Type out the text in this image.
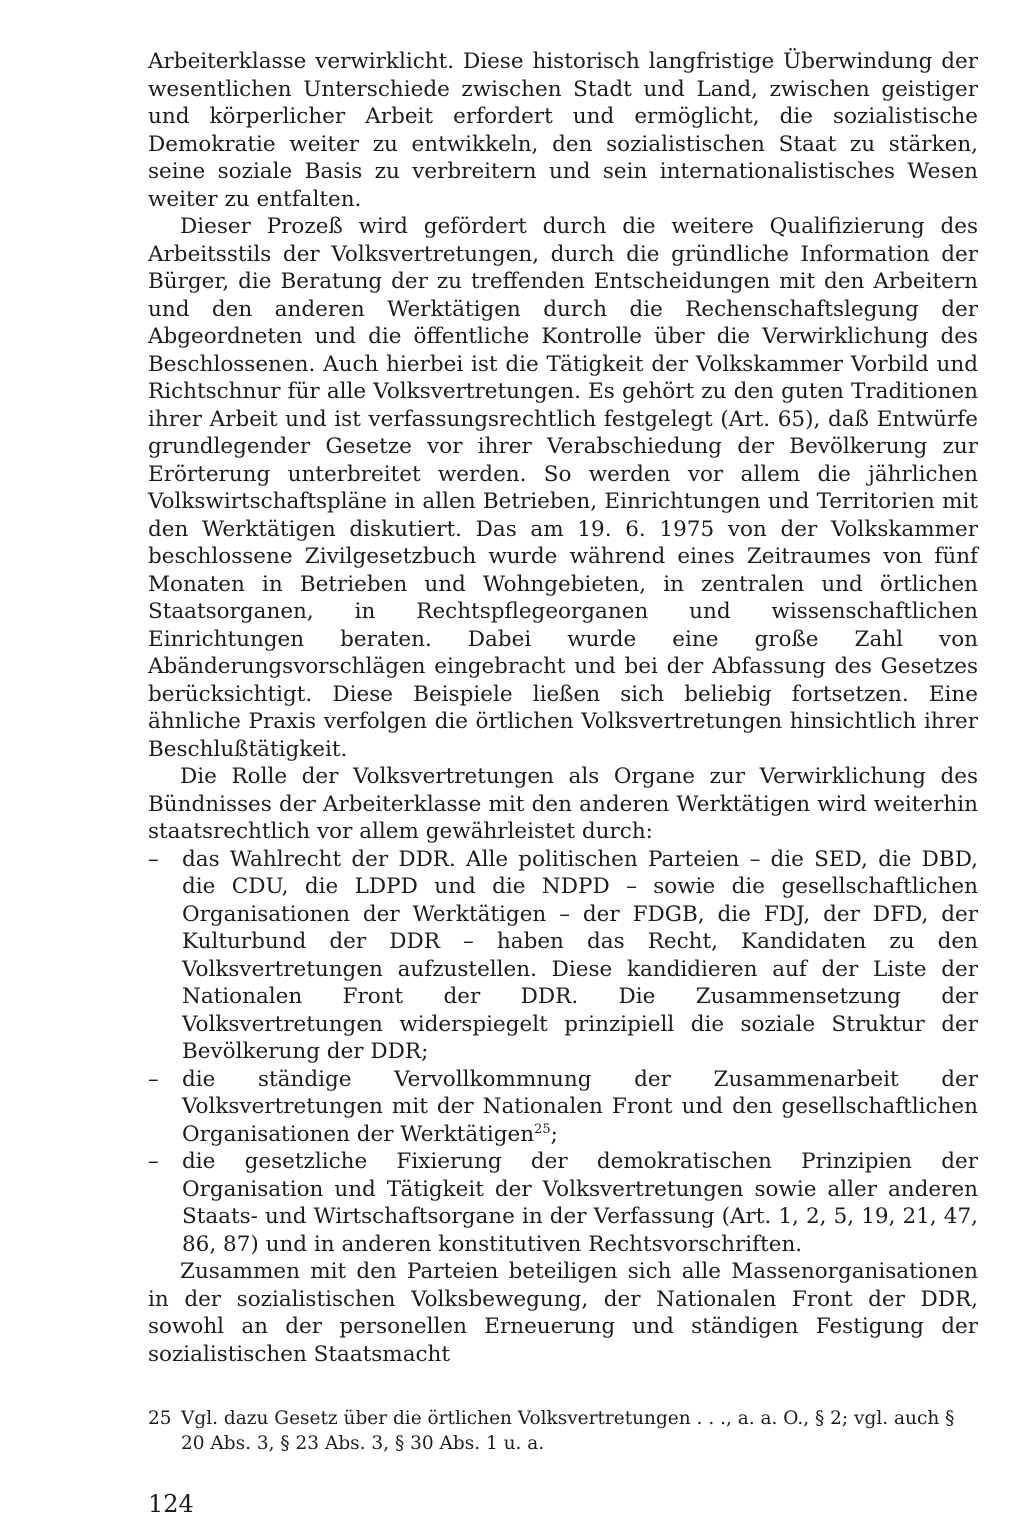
Arbeiterklasse verwirklicht. Diese historisch langfristige Überwindung der wesentlichen Unterschiede zwischen Stadt und Land, zwischen geistiger und körperlicher Arbeit erfordert und ermöglicht, die sozialistische Demokratie weiter zu entwikkeln, den sozialistischen Staat zu stärken, seine soziale Basis zu verbreitern und sein internationalistisches Wesen weiter zu entfalten.

Dieser Prozeß wird gefördert durch die weitere Qualifizierung des Arbeitsstils der Volksvertretungen, durch die gründliche Information der Bürger, die Beratung der zu treffenden Entscheidungen mit den Arbeitern und den anderen Werktätigen durch die Rechenschaftslegung der Abgeordneten und die öffentliche Kontrolle über die Verwirklichung des Beschlossenen. Auch hierbei ist die Tätigkeit der Volkskammer Vorbild und Richtschnur für alle Volksvertretungen. Es gehört zu den guten Traditionen ihrer Arbeit und ist verfassungsrechtlich festgelegt (Art. 65), daß Entwürfe grundlegender Gesetze vor ihrer Verabschiedung der Bevölkerung zur Erörterung unterbreitet werden. So werden vor allem die jährlichen Volkswirtschaftspläne in allen Betrieben, Einrichtungen und Territorien mit den Werktätigen diskutiert. Das am 19. 6. 1975 von der Volkskammer beschlossene Zivilgesetzbuch wurde während eines Zeitraumes von fünf Monaten in Betrieben und Wohngebieten, in zentralen und örtlichen Staatsorganen, in Rechtspflegeorganen und wissenschaftlichen Einrichtungen beraten. Dabei wurde eine große Zahl von Abänderungsvorschlägen eingebracht und bei der Abfassung des Gesetzes berücksichtigt. Diese Beispiele ließen sich beliebig fortsetzen. Eine ähnliche Praxis verfolgen die örtlichen Volksvertretungen hinsichtlich ihrer Beschlußtätigkeit.

Die Rolle der Volksvertretungen als Organe zur Verwirklichung des Bündnisses der Arbeiterklasse mit den anderen Werktätigen wird weiterhin staatsrechtlich vor allem gewährleistet durch:

– das Wahlrecht der DDR. Alle politischen Parteien – die SED, die DBD, die CDU, die LDPD und die NDPD – sowie die gesellschaftlichen Organisationen der Werktätigen – der FDGB, die FDJ, der DFD, der Kulturbund der DDR – haben das Recht, Kandidaten zu den Volksvertretungen aufzustellen. Diese kandidieren auf der Liste der Nationalen Front der DDR. Die Zusammensetzung der Volksvertretungen widerspiegelt prinzipiell die soziale Struktur der Bevölkerung der DDR;
– die ständige Vervollkommnung der Zusammenarbeit der Volksvertretungen mit der Nationalen Front und den gesellschaftlichen Organisationen der Werktätigen$^{25}$;
– die gesetzliche Fixierung der demokratischen Prinzipien der Organisation und Tätigkeit der Volksvertretungen sowie aller anderen Staats- und Wirtschaftsorgane in der Verfassung (Art. 1, 2, 5, 19, 21, 47, 86, 87) und in anderen konstitutiven Rechtsvorschriften.

Zusammen mit den Parteien beteiligen sich alle Massenorganisationen in der sozialistischen Volksbewegung, der Nationalen Front der DDR, sowohl an der personellen Erneuerung und ständigen Festigung der sozialistischen Staatsmacht

25 Vgl. dazu Gesetz über die örtlichen Volksvertretungen . . ., a. a. O., § 2; vgl. auch § 20 Abs. 3, § 23 Abs. 3, § 30 Abs. 1 u. a.
124
